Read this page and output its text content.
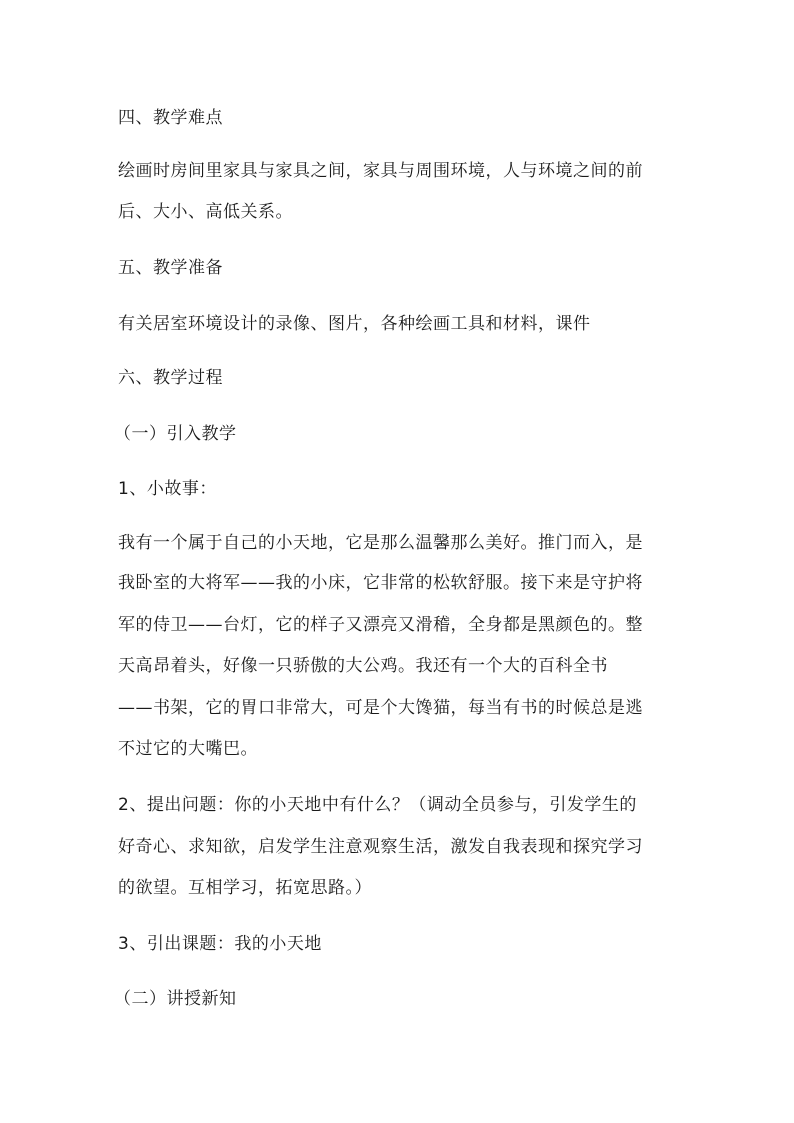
四、教学难点
绘画时房间里家具与家具之间，家具与周围环境，人与环境之间的前
后、大小、高低关系。
五、教学准备
有关居室环境设计的录像、图片，各种绘画工具和材料，课件
六、教学过程
（一）引入教学
1、小故事：
我有一个属于自己的小天地，它是那么温馨那么美好。推门而入，是
我卧室的大将军——我的小床，它非常的松软舒服。接下来是守护将
军的侍卫——台灯，它的样子又漂亮又滑稽，全身都是黑颜色的。整
天高昂着头，好像一只骄傲的大公鸡。我还有一个大的百科全书
——书架，它的胃口非常大，可是个大馋猫，每当有书的时候总是逃
不过它的大嘴巴。
2、提出问题：你的小天地中有什么？（调动全员参与，引发学生的
好奇心、求知欲，启发学生注意观察生活，激发自我表现和探究学习
的欲望。互相学习，拓宽思路。）
3、引出课题：我的小天地
（二）讲授新知
